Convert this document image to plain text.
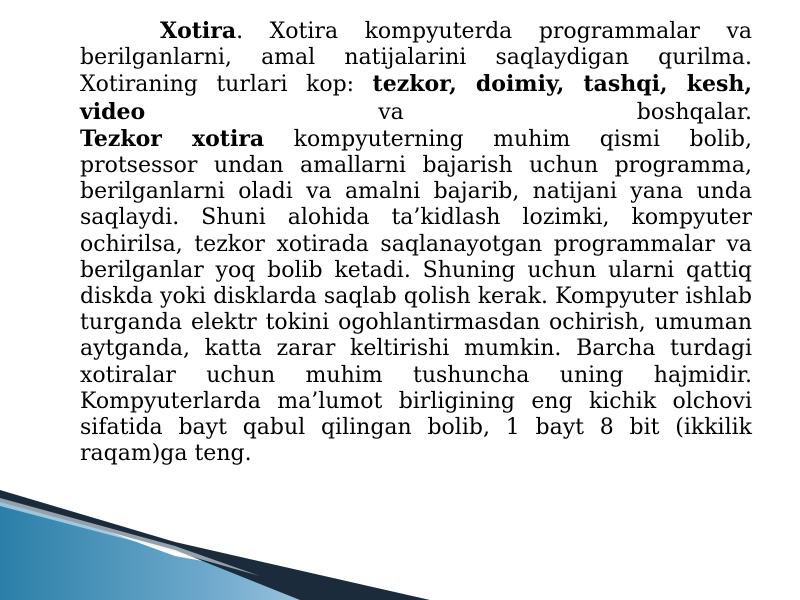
Xotira. Xotira kompyuterda programmalar va berilganlarni, amal natijalarini saqlaydigan qurilma. Xotiraning turlari kop: tezkor, doimiy, tashqi, kesh, video va boshqalar.

Tezkor xotira kompyuterning muhim qismi bolib, protsessor undan amallarni bajarish uchun programma, berilganlarni oladi va amalni bajarib, natijani yana unda saqlaydi. Shuni alohida ta’kidlash lozimki, kompyuter ochirilsa, tezkor xotirada saqlanayotgan programmalar va berilganlar yoq bolib ketadi. Shuning uchun ularni qattiq diskda yoki disklarda saqlab qolish kerak. Kompyuter ishlab turganda elektr tokini ogohlantirmasdan ochirish, umuman aytganda, katta zarar keltirishi mumkin. Barcha turdagi xotiralar uchun muhim tushuncha uning hajmidir. Kompyuterlarda ma’lumot birligining eng kichik olchovi sifatida bayt qabul qilingan bolib, 1 bayt 8 bit (ikkilik raqam)ga teng.
